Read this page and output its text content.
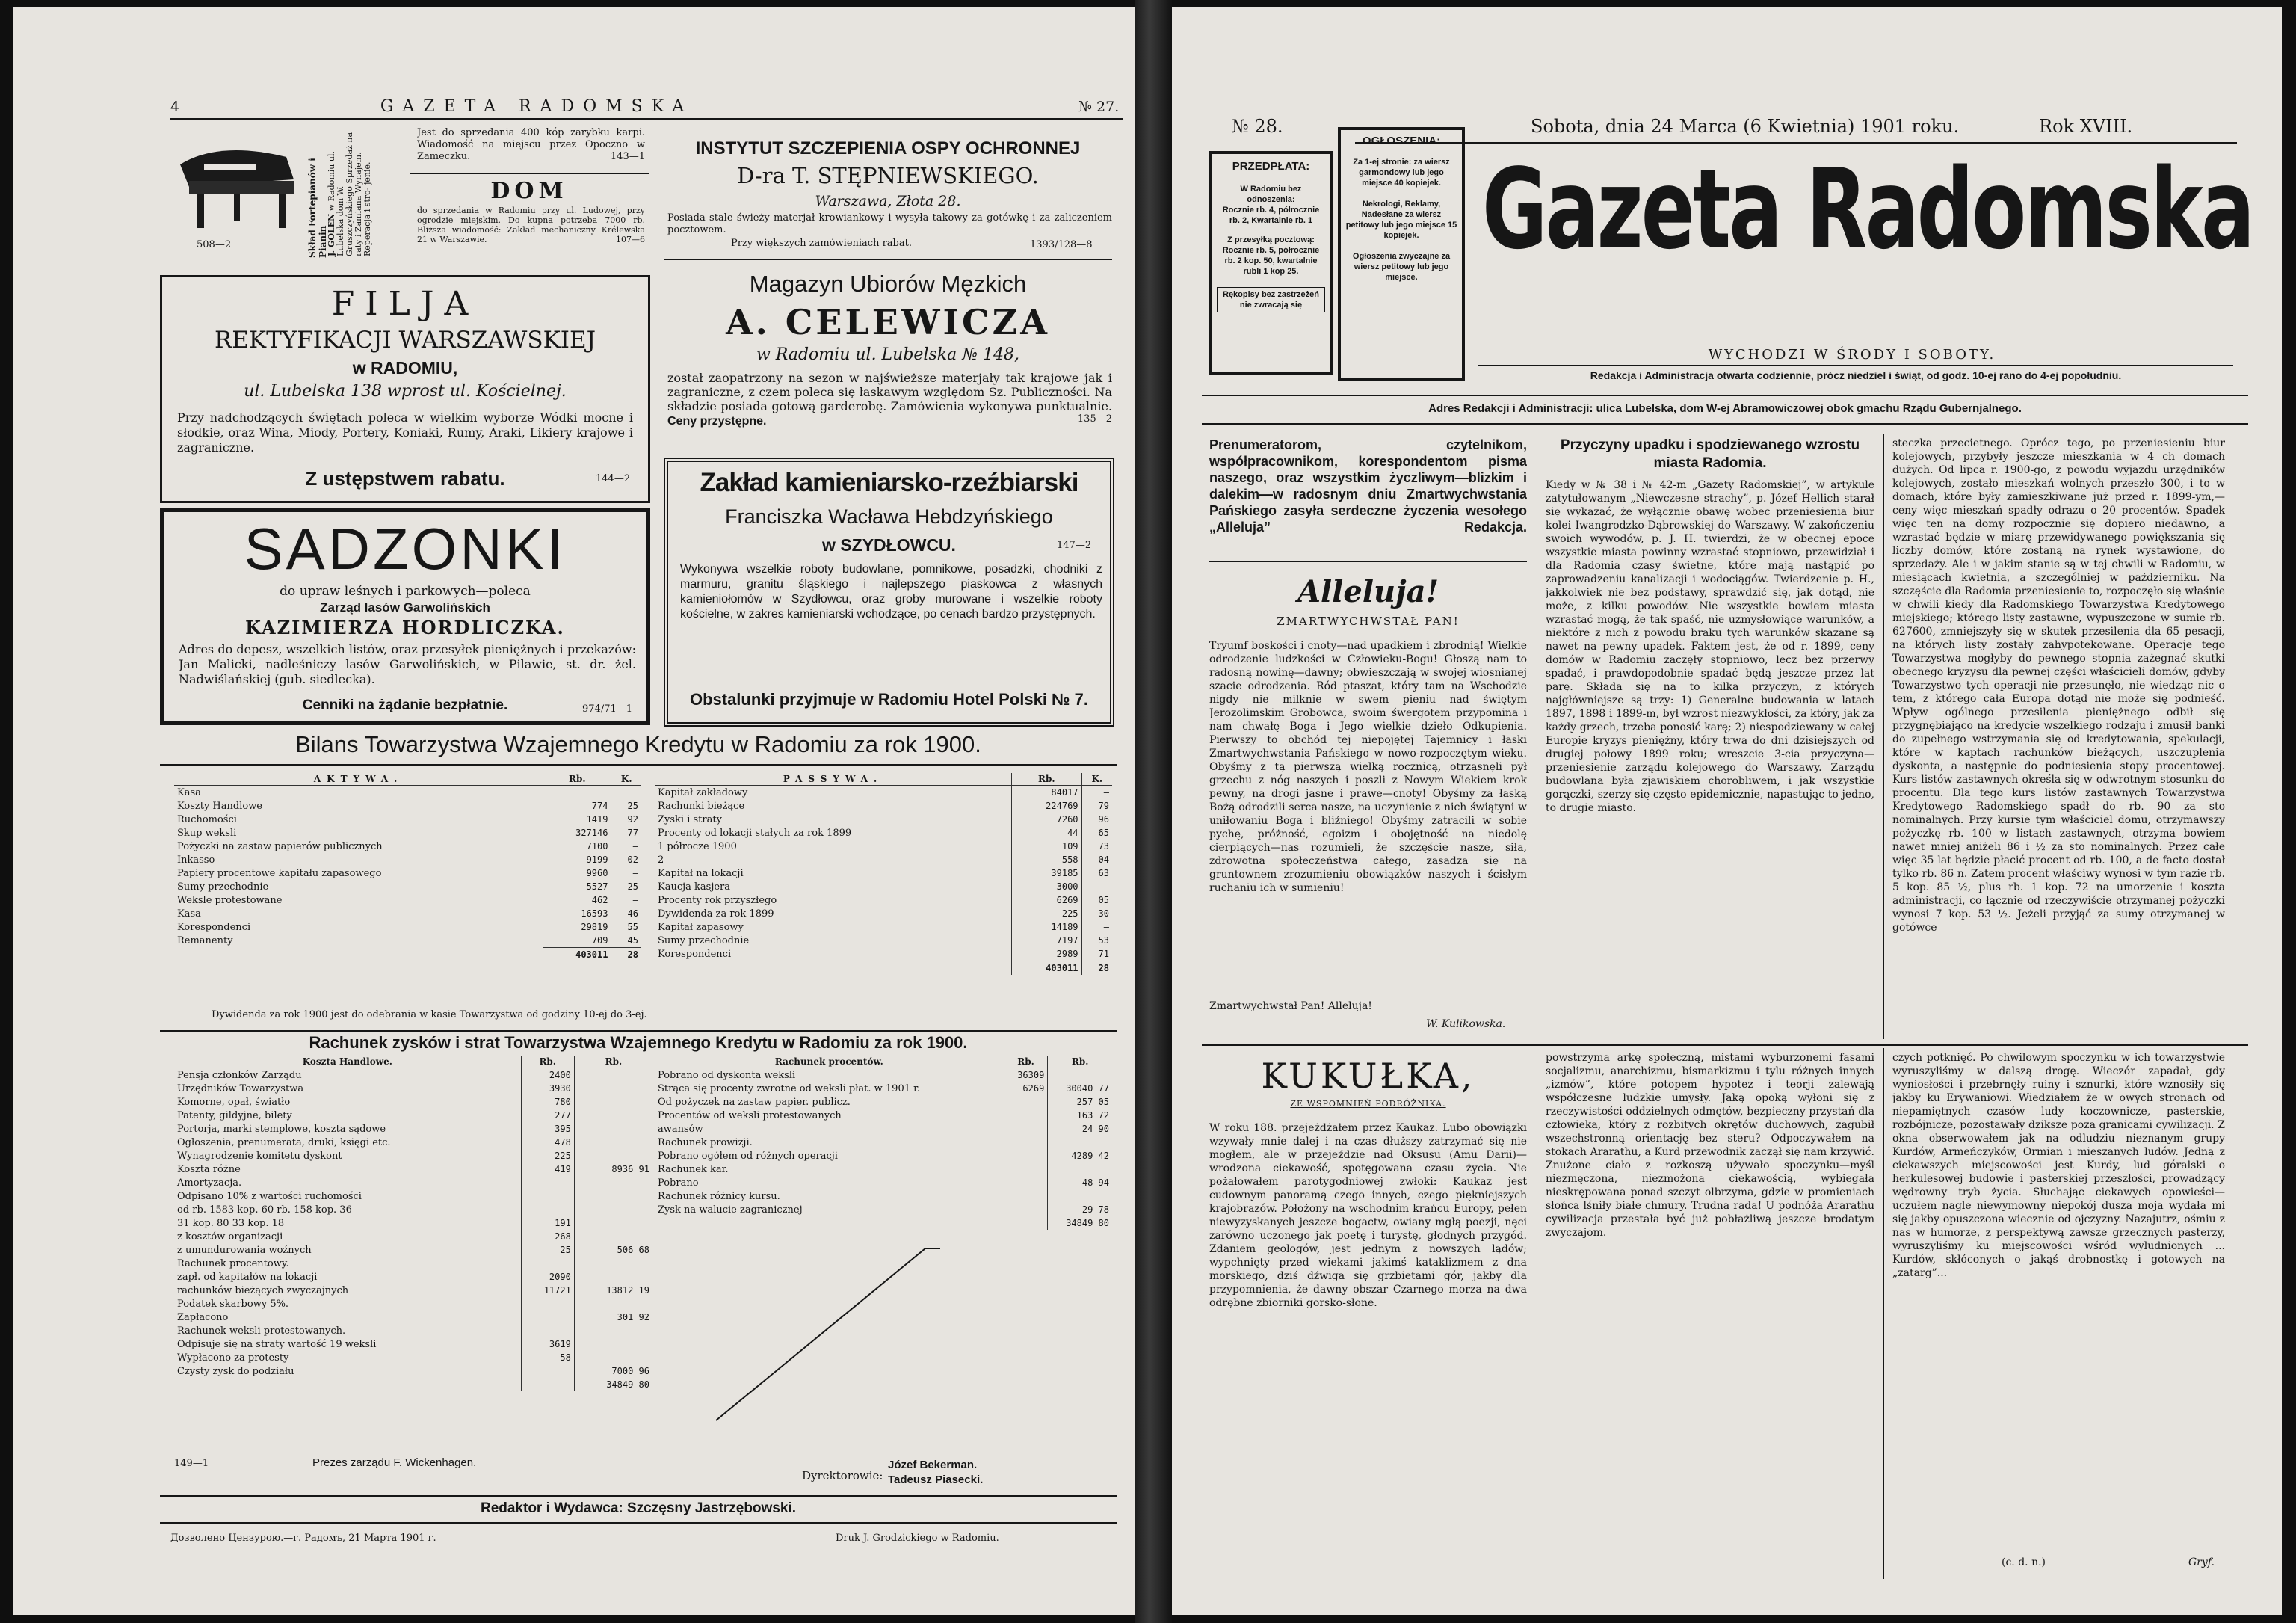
4	GAZETA RADOMSKA	№ 27.
508—2	Skład Fortepianów i Pianin
J. GOLEN w Radomiu ul. Lubelska dom W. Gruszczyńskiego Sprzedaż na raty i Zamiana Wynajem. Reperacja i stro- jenie.
Jest do sprzedania 400 kóp zarybku karpi. Wiadomość na miejscu przez Opoczno w Zameczku.	143—1
DOM
do sprzedania w Radomiu przy ul. Ludowej, przy ogrodzie miejskim. Do kupna potrzeba 7000 rb. Bliższa wiadomość: Zakład mechaniczny Krélewska 21 w Warszawie.	107—6
FILJA
REKTYFIKACJI WARSZAWSKIEJ
w RADOMIU,
ul. Lubelska 138 wprost ul. Kościelnej.
Przy nadchodzących świętach poleca w wielkim wyborze Wódki mocne i słodkie, oraz Wina, Miody, Portery, Koniaki, Rumy, Araki, Likiery krajowe i zagraniczne.
Z ustępstwem rabatu.	144—2
SADZONKI
do upraw leśnych i parkowych—poleca
Zarząd lasów Garwolińskich
KAZIMIERZA HORDLICZKA.
Adres do depesz, wszelkich listów, oraz przesyłek pieniężnych i przekazów: Jan Malicki, nadleśniczy lasów Garwolińskich, w Pilawie, st. dr. żel. Nadwiślańskiej (gub. siedlecka).
Cenniki na żądanie bezpłatnie.	974/71—1
INSTYTUT SZCZEPIENIA OSPY OCHRONNEJ
D-ra T. STĘPNIEWSKIEGO.
Warszawa, Złota 28.
Posiada stale świeży materjał krowiankowy i wysyła takowy za gotówkę i za zaliczeniem pocztowem.
Przy większych zamówieniach rabat.	1393/128—8
Magazyn Ubiorów Męzkich
A. CELEWICZA
w Radomiu ul. Lubelska № 148,
został zaopatrzony na sezon w najświeższe materjały tak krajowe jak i zagraniczne, z czem poleca się łaskawym względom Sz. Publiczności. Na składzie posiada gotową garderobę. Zamówienia wykonywa punktualnie. Ceny przystępne.	135—2
Zakład kamieniarsko-rzeźbiarski
Franciszka Wacława Hebdzyńskiego
w SZYDŁOWCU.	147—2
Wykonywa wszelkie roboty budowlane, pomnikowe, posadzki, chodniki z marmuru, granitu śląskiego i najlepszego piaskowca z własnych kamieniołomów w Szydłowcu, oraz groby murowane i wszelkie roboty kościelne, w zakres kamieniarski wchodzące, po cenach bardzo przystępnych.
Obstalunki przyjmuje w Radomiu Hotel Polski № 7.
Bilans Towarzystwa Wzajemnego Kredytu w Radomiu za rok 1900.
AKTYWA.	Rb.	K.
Kasa		
Koszty Handlowe	774	25
Ruchomości	1419	92
Skup weksli	327146	77
Pożyczki na zastaw papierów publicznych	7100	—
Inkasso	9199	02
Papiery procentowe kapitału zapasowego	9960	—
Sumy przechodnie	5527	25
Weksle protestowane	462	—
Kasa	16593	46
Korespondenci	29819	55
Remanenty	709	45
	403011	28
PASSYWA.	Rb.	K.
Kapitał zakładowy	84017	—
Rachunki bieżące	224769	79
Zyski i straty	7260	96
Procenty od lokacji stałych za rok 1899	44	65
1 półrocze 1900	109	73
2	558	04
Kapitał na lokacji	39185	63
Kaucja kasjera	3000	—
Procenty rok przyszłego	6269	05
Dywidenda za rok 1899	225	30
Kapitał zapasowy	14189	—
Sumy przechodnie	7197	53
Korespondenci	2989	71
	403011	28
Dywidenda za rok 1900 jest do odebrania w kasie Towarzystwa od godziny 10-ej do 3-ej.
Rachunek zysków i strat Towarzystwa Wzajemnego Kredytu w Radomiu za rok 1900.
Koszta Handlowe.	Rb.	Rb.
Pensja członków Zarządu	2400	
Urzędników Towarzystwa	3930	
Komorne, opał, światło	780	
Patenty, gildyjne, bilety	277	
Portorja, marki stemplowe, koszta sądowe	395	
Ogłoszenia, prenumerata, druki, księgi etc.	478	
Wynagrodzenie komitetu dyskont	225	
Koszta różne	419	8936 91
Amortyzacja.		
Odpisano 10% z wartości ruchomości		
od rb. 1583 kop. 60 rb. 158 kop. 36		
31 kop. 80 33 kop. 18	191	
z kosztów organizacji	268	
z umundurowania woźnych	25	506 68
Rachunek procentowy.		
zapł. od kapitałów na lokacji	2090	
rachunków bieżących zwyczajnych	11721	13812 19
Podatek skarbowy 5%.		
Zapłacono		301 92
Rachunek weksli protestowanych.		
Odpisuje się na straty wartość 19 weksli	3619	
Wypłacono za protesty	58	
Czysty zysk do podziału		7000 96
		34849 80
Rachunek procentów.	Rb.	Rb.
Pobrano od dyskonta weksli	36309	
Strąca się procenty zwrotne od weksli płat. w 1901 r.	6269	30040 77
Od pożyczek na zastaw papier. publicz.		257 05
Procentów od weksli protestowanych		163 72
awansów		24 90
Rachunek prowizji.		
Pobrano ogółem od różnych operacji		4289 42
Rachunek kar.		
Pobrano		48 94
Rachunek różnicy kursu.		
Zysk na walucie zagranicznej		29 78
		34849 80
149—1	Prezes zarządu F. Wickenhagen.
Dyrektorowie:
Józef Bekerman.
Tadeusz Piasecki.
Redaktor i Wydawca: Szczęsny Jastrzębowski.
Дозволено Цензурою.—г. Радомъ, 21 Марта 1901 г.	Druk J. Grodzickiego w Radomiu.
№ 28.	Sobota, dnia 24 Marca (6 Kwietnia) 1901 roku.	Rok XVIII.
PRZEDPŁATA:
W Radomiu bez odnoszenia:
Rocznie rb. 4, półrocznie rb. 2, Kwartalnie rb. 1
Z przesyłką pocztową:
Rocznie rb. 5, półrocznie rb. 2 kop. 50, kwartalnie rubli 1 kop 25.
Rękopisy bez zastrzeżeń nie zwracają się
OGŁOSZENIA:
Za 1-ej stronie: za wiersz garmondowy lub jego miejsce 40 kopiejek.
Nekrologi, Reklamy, Nadesłane za wiersz petitowy lub jego miejsce 15 kopiejek.
Ogłoszenia zwyczajne za wiersz petitowy lub jego miejsce.
Gazeta Radomska
WYCHODZI W ŚRODY I SOBOTY.
Redakcja i Administracja otwarta codziennie, prócz niedziel i świąt, od godz. 10-ej rano do 4-ej popołudniu.
Adres Redakcji i Administracji: ulica Lubelska, dom W-ej Abramowiczowej obok gmachu Rządu Gubernjalnego.
Prenumeratorom, czytelnikom, współpracownikom, korespondentom pisma naszego, oraz wszystkim życzliwym—blizkim i dalekim—w radosnym dniu Zmartwychwstania Pańskiego zasyła serdeczne życzenia wesołego „Alleluja”	Redakcja.
Alleluja!
ZMARTWYCHWSTAŁ PAN!
Tryumf boskości i cnoty—nad upadkiem i zbrodnią! Wielkie odrodzenie ludzkości w Człowieku-Bogu! Głoszą nam to radosną nowinę—dawny; obwieszczają w swojej wiosnianej szacie odrodzenia. Ród ptaszat, który tam na Wschodzie nigdy nie milknie w swem pieniu nad świętym Jerozolimskim Grobowca, swoim śwergotem przypomina i nam chwałę Boga i Jego wielkie dzieło Odkupienia. Pierwszy to obchód tej niepojętej Tajemnicy i łaski Zmartwychwstania Pańskiego w nowo-rozpoczętym wieku. Obyśmy z tą pierwszą wielką rocznicą, otrząsnęli pył grzechu z nóg naszych i poszli z Nowym Wiekiem krok pewny, na drogi jasne i prawe—cnoty! Obyśmy za łaską Bożą odrodzili serca nasze, na uczynienie z nich świątyni w uniłowaniu Boga i bliźniego! Obyśmy zatracili w sobie pychę, próżność, egoizm i obojętność na niedolę cierpiących—nas rozumieli, że szczęście nasze, siła, zdrowotna społeczeństwa całego, zasadza się na gruntownem zrozumieniu obowiązków naszych i ścisłym ruchaniu ich w sumieniu!
Zmartwychwstał Pan! Alleluja!
W. Kulikowska.
Przyczyny upadku i spodziewanego wzrostu miasta Radomia.
Kiedy w № 38 i № 42-m „Gazety Radomskiej”, w artykule zatytułowanym „Niewczesne strachy”, p. Józef Hellich starał się wykazać, że wyłącznie obawę wobec przeniesienia biur kolei Iwangrodzko-Dąbrowskiej do Warszawy. W zakończeniu swoich wywodów, p. J. H. twierdzi, że w obecnej epoce wszystkie miasta powinny wzrastać stopniowo, przewidział i dla Radomia czasy świetne, które mają nastąpić po zaprowadzeniu kanalizacji i wodociągów. Twierdzenie p. H., jakkolwiek nie bez podstawy, sprawdzić się, jak dotąd, nie może, z kilku powodów. Nie wszystkie bowiem miasta wzrastać mogą, że tak spaść, nie uzmysłowiące warunków, a niektóre z nich z powodu braku tych warunków skazane są nawet na pewny upadek. Faktem jest, że od r. 1899, ceny domów w Radomiu zaczęły stopniowo, lecz bez przerwy spadać, i prawdopodobnie spadać będą jeszcze przez lat parę. Składa się na to kilka przyczyn, z których najgłówniejsze są trzy: 1) Generalne budowania w latach 1897, 1898 i 1899-m, był wzrost niezwykłości, za który, jak za każdy grzech, trzeba ponosić karę; 2) niespodziewany w całej Europie kryzys pieniężny, który trwa do dni dzisiejszych od drugiej połowy 1899 roku; wreszcie 3-cia przyczyna—przeniesienie zarządu kolejowego do Warszawy. Zarządu budowlana była zjawiskiem chorobliwem, i jak wszystkie gorączki, szerzy się często epidemicznie, napastując to jedno, to drugie miasto.
steczka przecietnego. Oprócz tego, po przeniesieniu biur kolejowych, przybyły jeszcze mieszkania w 4 ch domach dużych. Od lipca r. 1900-go, z powodu wyjazdu urzędników kolejowych, zostało mieszkań wolnych przeszło 300, i to w domach, które były zamieszkiwane już przed r. 1899-ym,—ceny więc mieszkań spadły odrazu o 20 procentów. Spadek więc ten na domy rozpocznie się dopiero niedawno, a wzrastać będzie w miarę przewidywanego powiększania się liczby domów, które zostaną na rynek wystawione, do sprzedaży. Ale i w jakim stanie są w tej chwili w Radomiu, w miesiącach kwietnia, a szczególniej w październiku. Na szczęście dla Radomia przeniesienie to, rozpoczęło się właśnie w chwili kiedy dla Radomskiego Towarzystwa Kredytowego miejskiego; którego listy zastawne, wypuszczone w sumie rb. 627600, zmniejszyły się w skutek przesilenia dla 65 pesacji, na których listy zostały zahypotekowane. Operacje tego Towarzystwa mogłyby do pewnego stopnia zażegnać skutki obecnego kryzysu dla pewnej części właścicieli domów, gdyby Towarzystwo tych operacji nie przesunęło, nie wiedząc nic o tem, z którego cała Europa dotąd nie może się podnieść. Wpływ ogólnego przesilenia pieniężnego odbił się przygnębiająco na kredycie wszelkiego rodzaju i zmusił banki do zupełnego wstrzymania się od kredytowania, spekulacji, które w kaptach rachunków bieżących, uszczuplenia dyskonta, a następnie do podniesienia stopy procentowej. Kurs listów zastawnych określa się w odwrotnym stosunku do procentu. Dla tego kurs listów zastawnych Towarzystwa Kredytowego Radomskiego spadł do rb. 90 za sto nominalnych. Przy kursie tym właściciel domu, otrzymawszy pożyczkę rb. 100 w listach zastawnych, otrzyma bowiem nawet mniej aniżeli 86 i ½ za sto nominalnych. Przez całe więc 35 lat będzie płacić procent od rb. 100, a de facto dostał tylko rb. 86 n. Zatem procent właściwy wynosi w tym razie rb. 5 kop. 85 ½, plus rb. 1 kop. 72 na umorzenie i koszta administracji, co łącznie od rzeczywiście otrzymanej pożyczki wynosi 7 kop. 53 ½. Jeżeli przyjąć za sumy otrzymanej w gotówce
KUKUŁKA,
ZE WSPOMNIEŃ PODRÓŻNIKA.
W roku 188. przejeżdżałem przez Kaukaz. Lubo obowiązki wzywały mnie dalej i na czas dłuższy zatrzymać się nie mogłem, ale w przejeździe nad Oksusu (Amu Darii)—wrodzona ciekawość, spotęgowana czasu życia. Nie pożałowałem parotygodniowej zwłoki: Kaukaz jest cudownym panoramą czego innych, czego piękniejszych krajobrazów. Położony na wschodnim krańcu Europy, pełen niewyzyskanych jeszcze bogactw, owiany mgłą poezji, nęci zarówno uczonego jak poetę i turystę, głodnych przygód. Zdaniem geologów, jest jednym z nowszych lądów; wypchnięty przed wiekami jakimś kataklizmem z dna morskiego, dziś dźwiga się grzbietami gór, jakby dla przypomnienia, że dawny obszar Czarnego morza na dwa odrębne zbiorniki gorsko-słone.
powstrzyma arkę społeczną, mistami wyburzonemi fasami socjalizmu, anarchizmu, bismarkizmu i tylu różnych innych „izmów”, które potopem hypotez i teorji zalewają współczesne ludzkie umysły. Jaką opoką wyłoni się z rzeczywistości oddzielnych odmętów, bezpieczny przystań dla człowieka, który z rozbitych okrętów duchowych, zagubił wszechstronną orientację bez steru? Odpoczywałem na stokach Ararathu, a Kurd przewodnik zaczął się nam krzywić. Znużone ciało z rozkoszą używało spoczynku—myśl niezmęczona, niezmożona ciekawością, wybiegała nieskrępowana ponad szczyt olbrzyma, gdzie w promieniach słońca lśniły białe chmury. Trudna rada! U podnóża Ararathu cywilizacja przestała być już pobłażliwą jeszcze brodatym zwyczajom.
czych potknięć. Po chwilowym spoczynku w ich towarzystwie wyruszyliśmy w dalszą drogę. Wieczór zapadał, gdy wyniosłości i przebrnęły ruiny i sznurki, które wznosiły się jakby ku Erywaniowi. Wiedziałem że w owych stronach od niepamiętnych czasów ludy koczownicze, pasterskie, rozbójnicze, pozostawały dziksze poza granicami cywilizacji. Z okna obserwowałem jak na odludziu nieznanym grupy Kurdów, Armeńczyków, Ormian i mieszanych ludów. Jedną z ciekawszych miejscowości jest Kurdy, lud góralski o herkulesowej budowie i pasterskiej przeszłości, prowadzący wędrowny tryb życia. Słuchając ciekawych opowieści—uczułem nagle niewymowny niepokój dusza moja wydała mi się jakby opuszczona wiecznie od ojczyzny. Nazajutrz, ośmiu z nas w humorze, z perspektywą zawsze grzecznych pasterzy, wyruszyliśmy ku miejscowości wśród wyludnionych ... Kurdów, skłóconych o jakąś drobnostkę i gotowych na „zatarg”...
(c. d. n.)	Gryf.
